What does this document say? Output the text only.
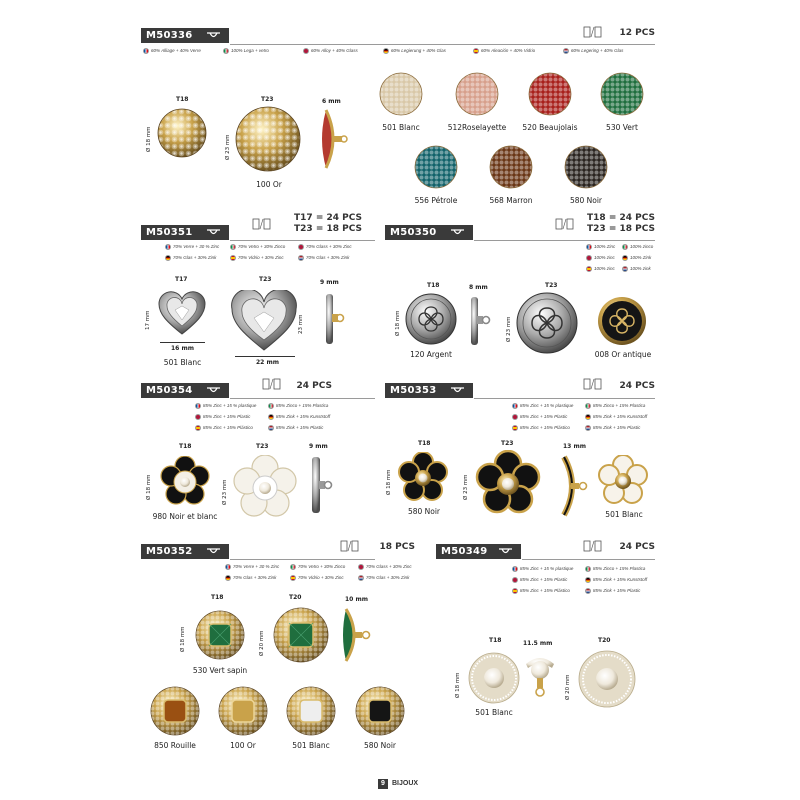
M50336	12 PCS
60% Alliage + 40% Verre	100% Lega + vetro	60% Alloy + 40% Glass	60% Legierung + 40% Glas	60% Aleación + 40% Vidrio	60% Legering + 40% Glas
T18
Ø 18 mm
T23
Ø 23 mm
100 Or
6 mm
501 Blanc	512Roselayette	520 Beaujolais	530 Vert
556 Pétrole	568 Marron	580 Noir
M50351
T17 = 24 PCS
T23 = 18 PCS
70% Verre + 30 % Zinc	70% Vetro + 30% Zinco	70% Glass + 30% Zinc
70% Glas + 30% Zink	70% Vidrio + 30% Zinc	70% Glas + 30% Zink
T17
17 mm
16 mm
501 Blanc
T23
23 mm
22 mm
9 mm
M50350
T18 = 24 PCS
T23 = 18 PCS
100% Zinc	100% zinco
100% zinc	100% Zink
100% zinc	100% zink
T18
Ø 18 mm
120 Argent
8 mm	T23
Ø 23 mm
008 Or antique
M50354	24 PCS
85% Zinc + 15 % plastique	85% Zinco + 15% Plastica
85% Zinc + 15% Plastic	85% Zink + 15% Kunststoff
85% Zinc + 15% Plástico	85% Zink + 15% Plastic
T18
Ø 18 mm
980 Noir et blanc
T23
Ø 23 mm
9 mm
M50353	24 PCS
85% Zinc + 15 % plastique	85% Zinco + 15% Plastica
85% Zinc + 15% Plastic	85% Zink + 15% Kunststoff
85% Zinc + 15% Plástico	85% Zink + 15% Plastic
T18
Ø 18 mm
580 Noir
T23
Ø 23 mm
13 mm
501 Blanc
M50352	18 PCS
70% Verre + 30 % Zinc	70% Vetro + 30% Zinco	70% Glass + 30% Zinc
70% Glas + 30% Zink	70% Vidrio + 30% Zinc	70% Glas + 30% Zink
T18
Ø 18 mm
530 Vert sapin
T20
Ø 20 mm
10 mm
850 Rouille	100 Or	501 Blanc	580 Noir
M50349	24 PCS
85% Zinc + 15 % plastique	85% Zinco + 15% Plastica
85% Zinc + 15% Plastic	85% Zink + 15% Kunststoff
85% Zinc + 15% Plástico	85% Zink + 15% Plastic
T18
Ø 18 mm
501 Blanc
11.5 mm	T20
Ø 20 mm
9	BIJOUX
